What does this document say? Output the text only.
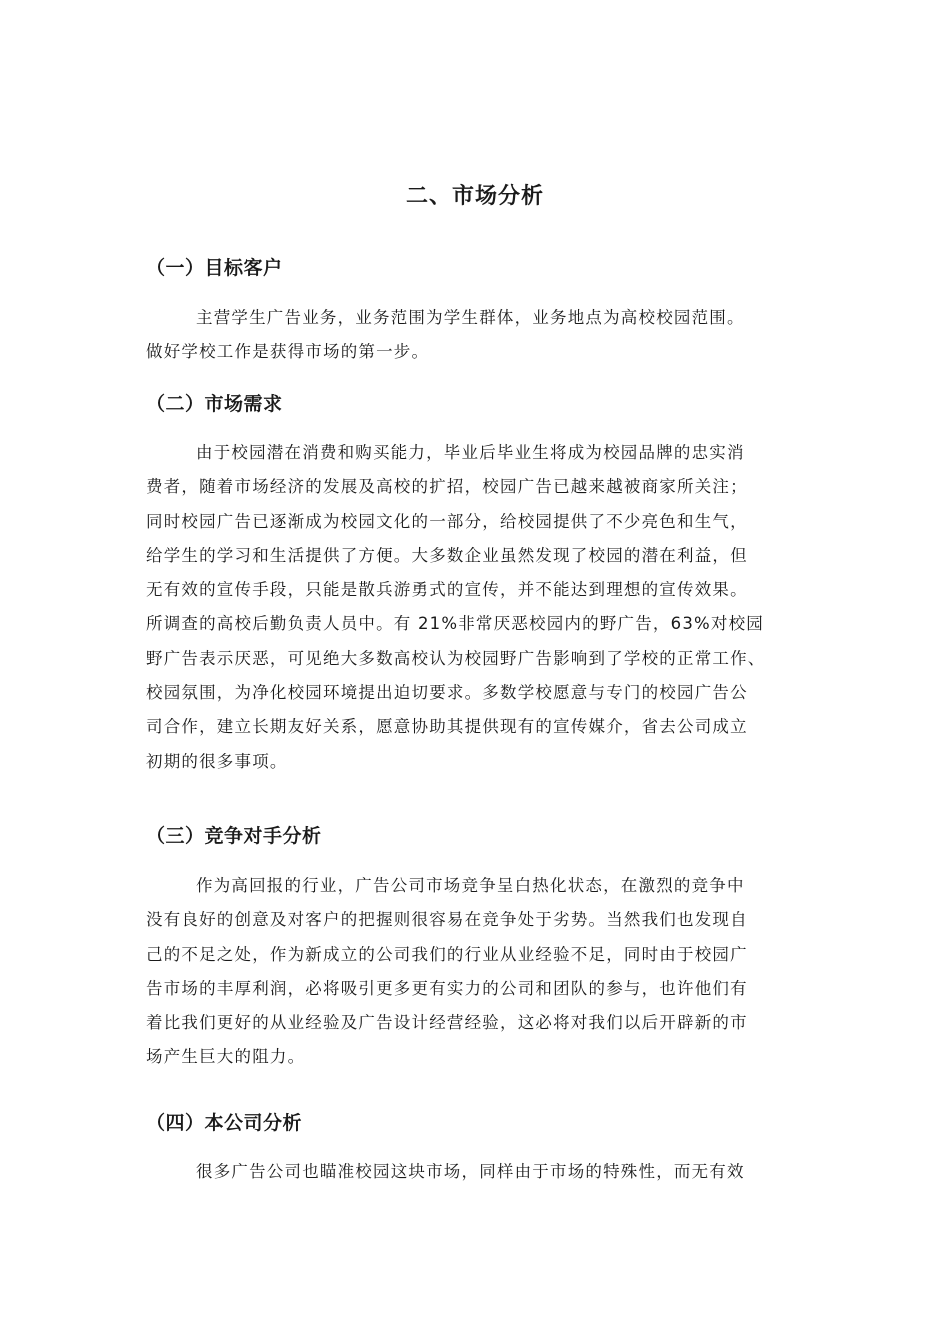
二、市场分析
（一）目标客户
主营学生广告业务，业务范围为学生群体，业务地点为高校校园范围。
做好学校工作是获得市场的第一步。
（二）市场需求
由于校园潜在消费和购买能力，毕业后毕业生将成为校园品牌的忠实消
费者，随着市场经济的发展及高校的扩招，校园广告已越来越被商家所关注；
同时校园广告已逐渐成为校园文化的一部分，给校园提供了不少亮色和生气，
给学生的学习和生活提供了方便。大多数企业虽然发现了校园的潜在利益，但
无有效的宣传手段，只能是散兵游勇式的宣传，并不能达到理想的宣传效果。
所调查的高校后勤负责人员中。有 21%非常厌恶校园内的野广告，63%对校园
野广告表示厌恶，可见绝大多数高校认为校园野广告影响到了学校的正常工作、
校园氛围，为净化校园环境提出迫切要求。多数学校愿意与专门的校园广告公
司合作，建立长期友好关系，愿意协助其提供现有的宣传媒介，省去公司成立
初期的很多事项。
（三）竞争对手分析
作为高回报的行业，广告公司市场竞争呈白热化状态，在激烈的竞争中
没有良好的创意及对客户的把握则很容易在竞争处于劣势。当然我们也发现自
己的不足之处，作为新成立的公司我们的行业从业经验不足，同时由于校园广
告市场的丰厚利润，必将吸引更多更有实力的公司和团队的参与，也许他们有
着比我们更好的从业经验及广告设计经营经验，这必将对我们以后开辟新的市
场产生巨大的阻力。
（四）本公司分析
很多广告公司也瞄准校园这块市场，同样由于市场的特殊性，而无有效
